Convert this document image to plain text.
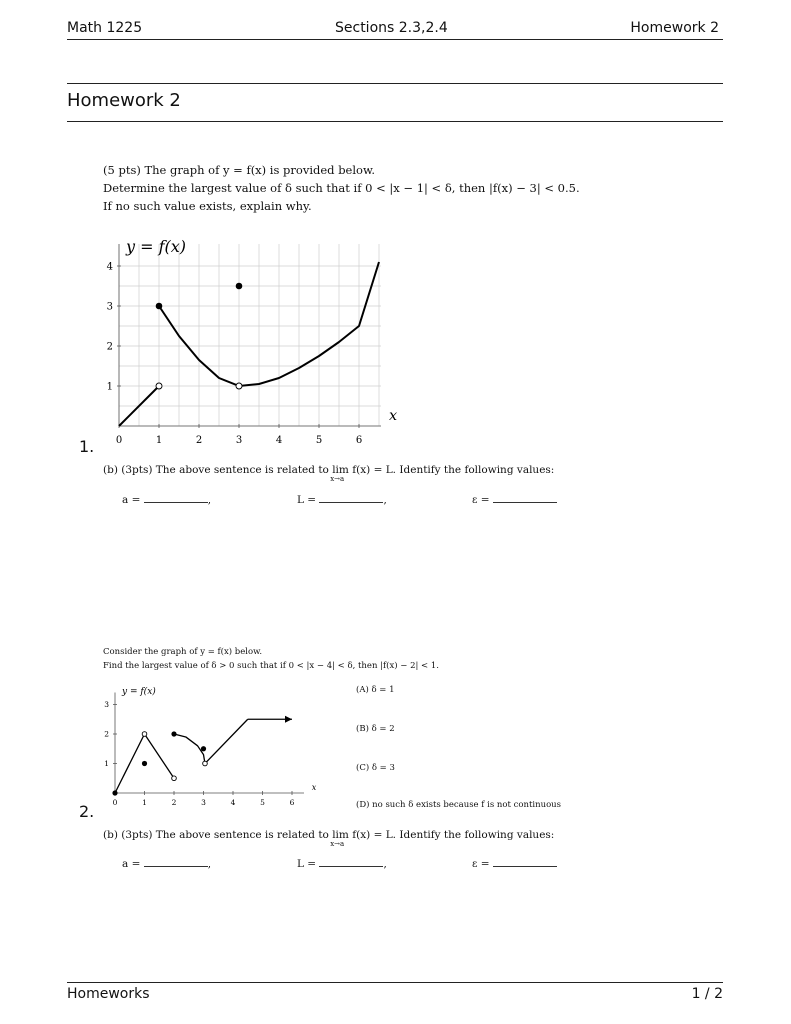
Math 1225	Sections 2.3,2.4	Homework 2
Homework 2
(5 pts) The graph of y = f(x) is provided below.
Determine the largest value of δ such that if 0 < |x − 1| < δ, then |f(x) − 3| < 0.5.
If no such value exists, explain why.
0	1	2	3	4	5	6
1
2
3
4
y = f(x)
x
1.
(b) (3pts) The above sentence is related to lim
x→a
f(x) = L. Identify the following values:
a =	,	L =	,	ε =
Consider the graph of y = f(x) below.
Find the largest value of δ > 0 such that if 0 < |x − 4| < δ, then |f(x) − 2| < 1.
0	1	2	3	4	5	6
1
2
3
y = f(x)
x
(A) δ = 1
(B) δ = 2
(C) δ = 3
(D) no such δ exists because f is not continuous
2.
(b) (3pts) The above sentence is related to lim
x→a
f(x) = L. Identify the following values:
a =	,	L =	,	ε =
Homeworks	1 / 2
